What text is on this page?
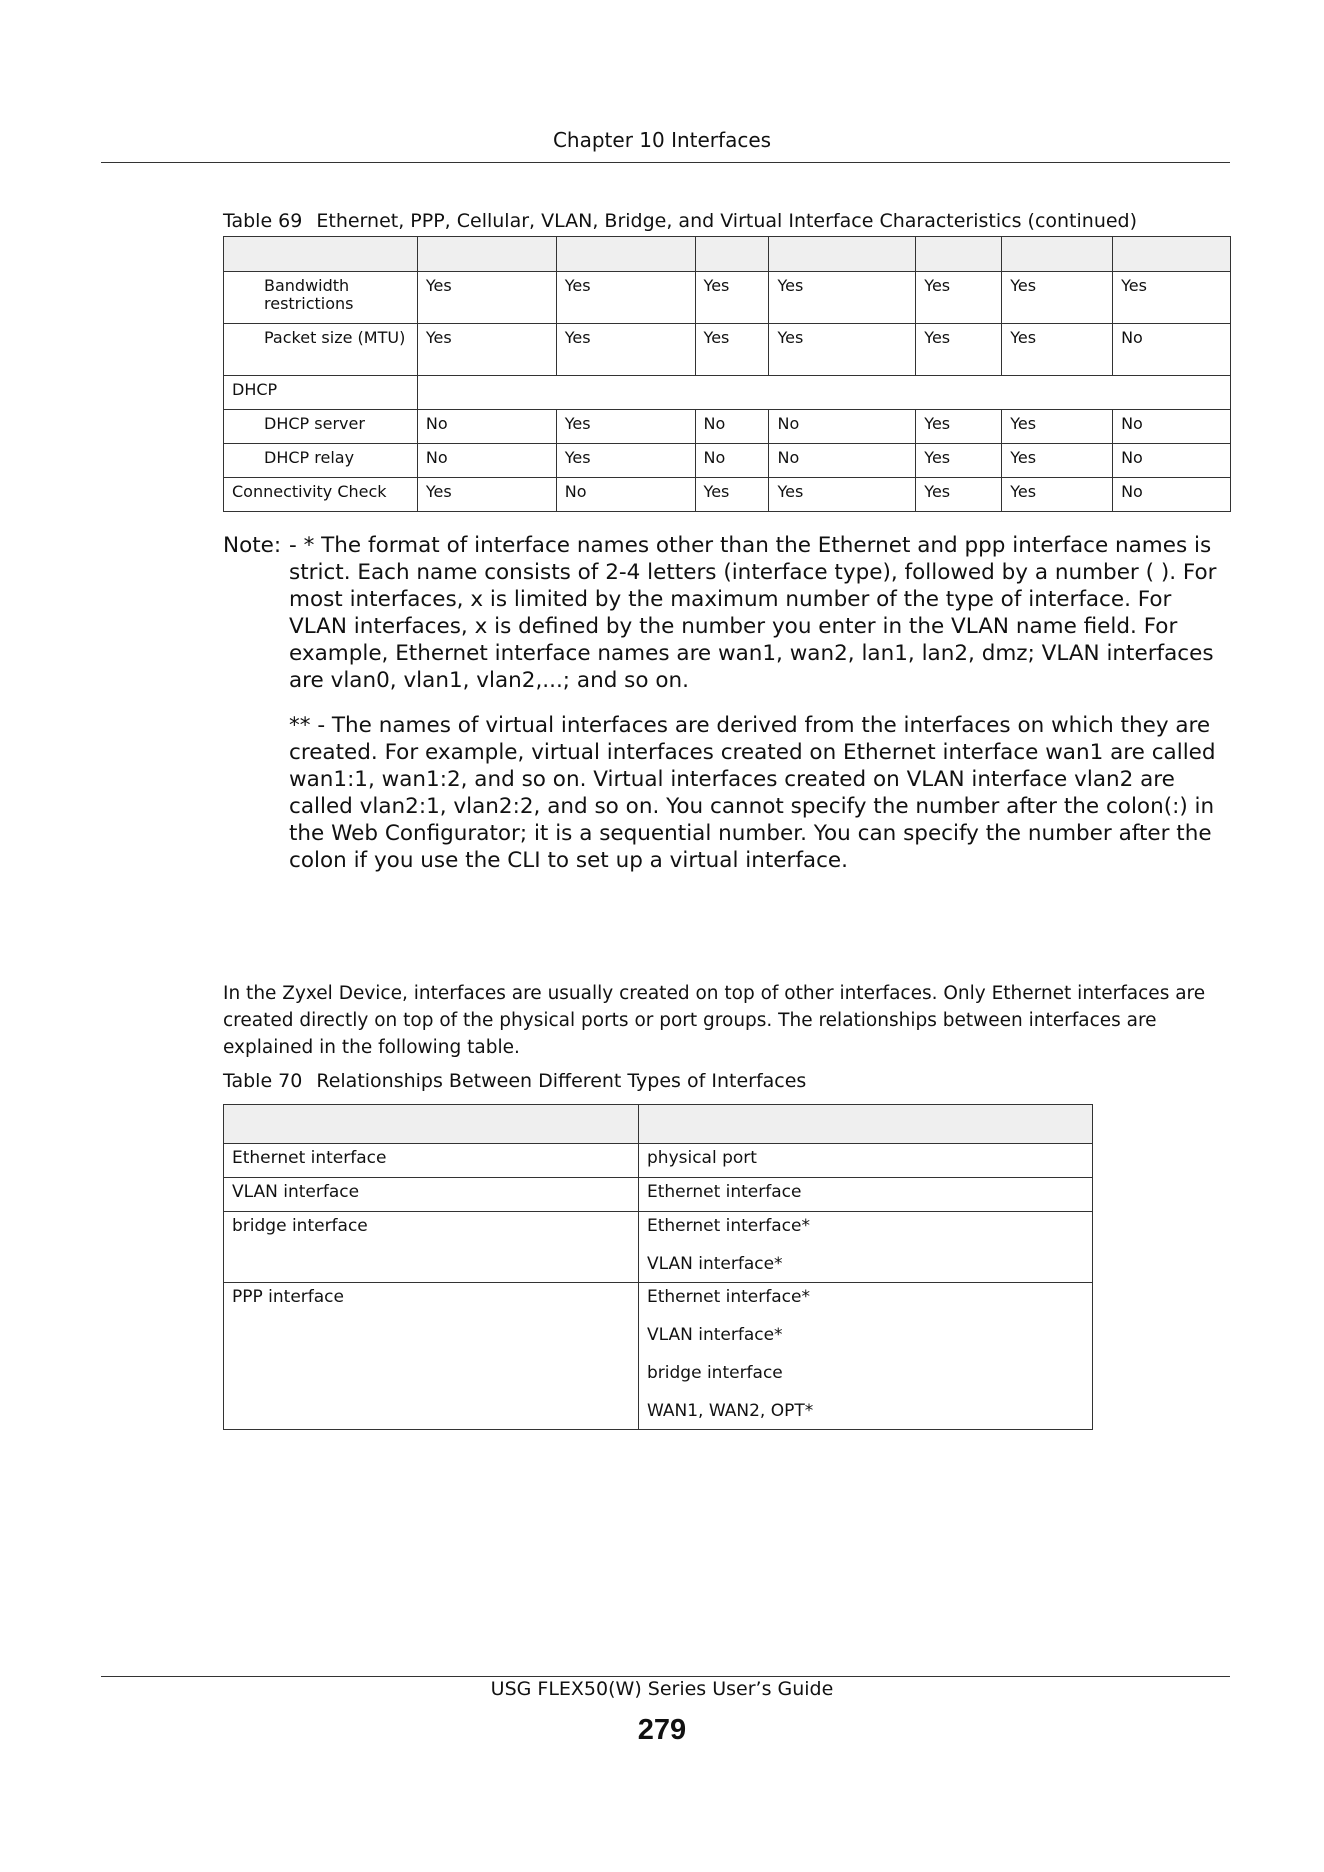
Chapter 10 Interfaces
Table 69 Ethernet, PPP, Cellular, VLAN, Bridge, and Virtual Interface Characteristics (continued)

Bandwidth restrictions	Yes	Yes	Yes	Yes	Yes	Yes	Yes
Packet size (MTU)	Yes	Yes	Yes	Yes	Yes	Yes	No
DHCP							
DHCP server	No	Yes	No	No	Yes	Yes	No
DHCP relay	No	Yes	No	No	Yes	Yes	No
Connectivity Check	Yes	No	Yes	Yes	Yes	Yes	No
Note: - * The format of interface names other than the Ethernet and ppp interface names is strict. Each name consists of 2-4 letters (interface type), followed by a number ( ). For most interfaces, x is limited by the maximum number of the type of interface. For VLAN interfaces, x is defined by the number you enter in the VLAN name field. For example, Ethernet interface names are wan1, wan2, lan1, lan2, dmz; VLAN interfaces are vlan0, vlan1, vlan2,...; and so on.

** - The names of virtual interfaces are derived from the interfaces on which they are created. For example, virtual interfaces created on Ethernet interface wan1 are called wan1:1, wan1:2, and so on. Virtual interfaces created on VLAN interface vlan2 are called vlan2:1, vlan2:2, and so on. You cannot specify the number after the colon(:) in the Web Configurator; it is a sequential number. You can specify the number after the colon if you use the CLI to set up a virtual interface.

In the Zyxel Device, interfaces are usually created on top of other interfaces. Only Ethernet interfaces are created directly on top of the physical ports or port groups. The relationships between interfaces are explained in the following table.

Table 70 Relationships Between Different Types of Interfaces

Ethernet interface	physical port
VLAN interface	Ethernet interface
bridge interface	Ethernet interface*
VLAN interface*

PPP interface	Ethernet interface*
VLAN interface*
bridge interface
WAN1, WAN2, OPT*
USG FLEX50(W) Series User’s Guide
279
